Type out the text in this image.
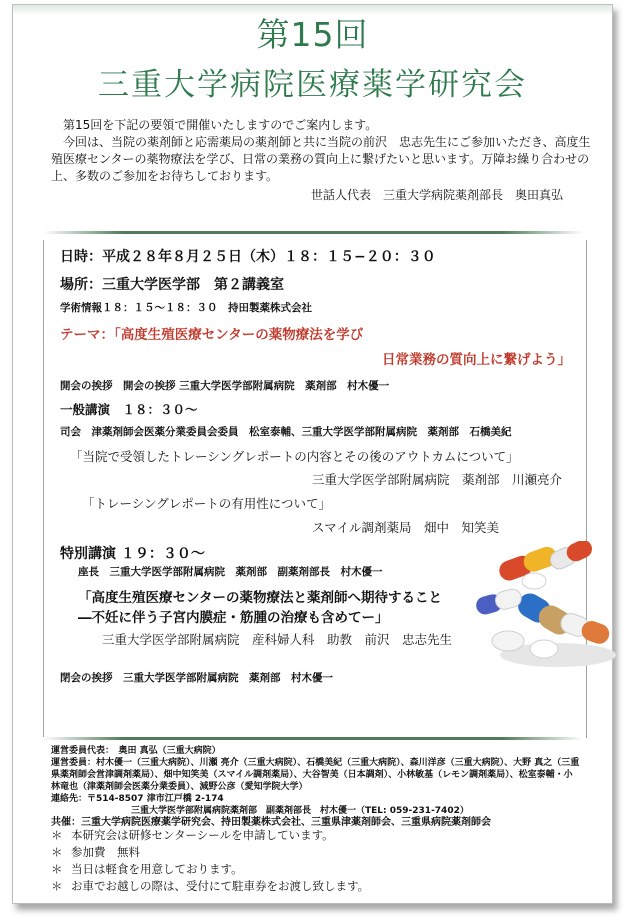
第15回
三重大学病院医療薬学研究会

第15回を下記の要領で開催いたしますのでご案内します。

今回は、当院の薬剤師と応需薬局の薬剤師と共に当院の前沢　忠志先生にご参加いただき、高度生殖医療センターの薬物療法を学び、日常の業務の質向上に繋げたいと思います。万障お繰り合わせの上、多数のご参加をお待ちしております。

世話人代表　三重大学病院薬剤部長　奥田真弘

日時：平成２８年８月２５日（木）１８：１５−２０：３０
場所：三重大学医学部　第２講義室
学術情報１８：１５〜１８：３０　持田製薬株式会社
テーマ：「高度生殖医療センターの薬物療法を学び
日常業務の質向上に繋げよう」
開会の挨拶　開会の挨拶 三重大学医学部附属病院　薬剤部　村木優一
一般講演　１８：３０〜
司会　津薬剤師会医薬分業委員会委員　松室泰輔、三重大学医学部附属病院　薬剤部　石橋美紀
「当院で受領したトレーシングレポートの内容とその後のアウトカムについて」
三重大学医学部附属病院　薬剤部　川瀬亮介
「トレーシングレポートの有用性について」
スマイル調剤薬局　畑中　知笑美
特別講演 １９：３０〜
座長　三重大学医学部附属病院　薬剤部　副薬剤部長　村木優一
「高度生殖医療センターの薬物療法と薬剤師へ期待すること
―不妊に伴う子宮内膜症・筋腫の治療も含めてー」
三重大学医学部附属病院　産科婦人科　助教　前沢　忠志先生
閉会の挨拶　三重大学医学部附属病院　薬剤部　村木優一
運営委員代表：　奥田 真弘（三重大病院）
運営委員：村木優一（三重大病院）、川瀬 亮介（三重大病院）、石橋美紀（三重大病院）、森川洋彦（三重大病院）、大野 真之（三重
県薬剤師会営津調剤薬局）、畑中知笑美（スマイル調剤薬局）、大谷智美（日本調剤）、小林敏基（レモン調剤薬局）、松室泰輔・小
林竜也（津薬剤師会医薬分業委員）、減野公彦（愛知学院大学）
連絡先：〒514-8507 津市江戸橋 2-174
三重大学医学部附属病院薬剤部　副薬剤部長　村木優一（TEL: 059-231-7402）
共催：三重大学病院医療薬学研究会、持田製薬株式会社、三重県津薬剤師会、三重県病院薬剤師会
＊ 本研究会は研修センターシールを申請しています。
＊ 参加費　無料
＊ 当日は軽食を用意しております。
＊ お車でお越しの際は、受付にて駐車券をお渡し致します。
